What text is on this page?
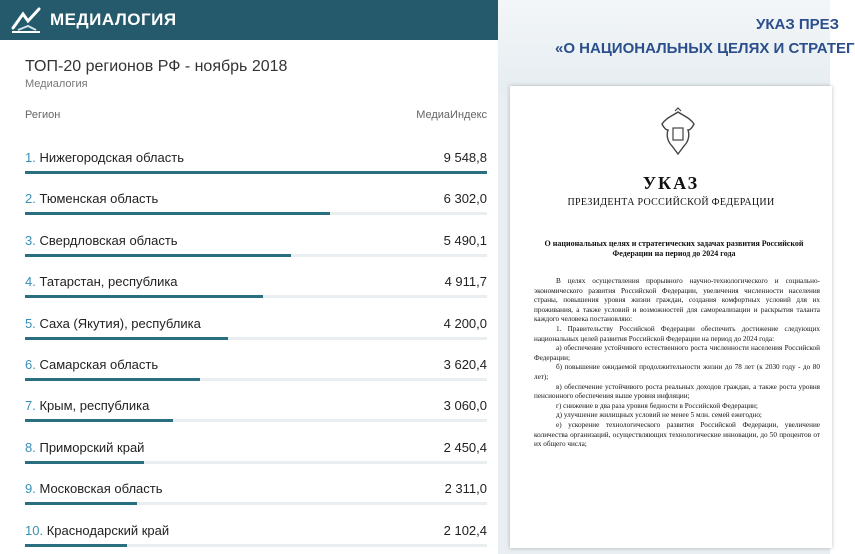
МЕДИАЛОГИЯ
ТОП-20 регионов РФ - ноябрь 2018
Медиалогия
Регион	МедиаИндекс
1. Нижегородская область	9 548,8
2. Тюменская область	6 302,0
3. Свердловская область	5 490,1
4. Татарстан, республика	4 911,7
5. Саха (Якутия), республика	4 200,0
6. Самарская область	3 620,4
7. Крым, республика	3 060,0
8. Приморский край	2 450,4
9. Московская область	2 311,0
10. Краснодарский край	2 102,4
УКАЗ ПРЕЗ
«О НАЦИОНАЛЬНЫХ ЦЕЛЯХ И СТРАТЕГ
УКАЗ
ПРЕЗИДЕНТА РОССИЙСКОЙ ФЕДЕРАЦИИ
О национальных целях и стратегических задачах развития Российской Федерации на период до 2024 года

В целях осуществления прорывного научно-технологического и социально-экономического развития Российской Федерации, увеличения численности населения страны, повышения уровня жизни граждан, создания комфортных условий для их проживания, а также условий и возможностей для самореализации и раскрытия таланта каждого человека постановляю:

1. Правительству Российской Федерации обеспечить достижение следующих национальных целей развития Российской Федерации на период до 2024 года:

а) обеспечение устойчивого естественного роста численности населения Российской Федерации;

б) повышение ожидаемой продолжительности жизни до 78 лет (к 2030 году - до 80 лет);

в) обеспечение устойчивого роста реальных доходов граждан, а также роста уровня пенсионного обеспечения выше уровня инфляции;

г) снижение в два раза уровня бедности в Российской Федерации;

д) улучшение жилищных условий не менее 5 млн. семей ежегодно;

е) ускорение технологического развития Российской Федерации, увеличение количества организаций, осуществляющих технологические инновации, до 50 процентов от их общего числа;
